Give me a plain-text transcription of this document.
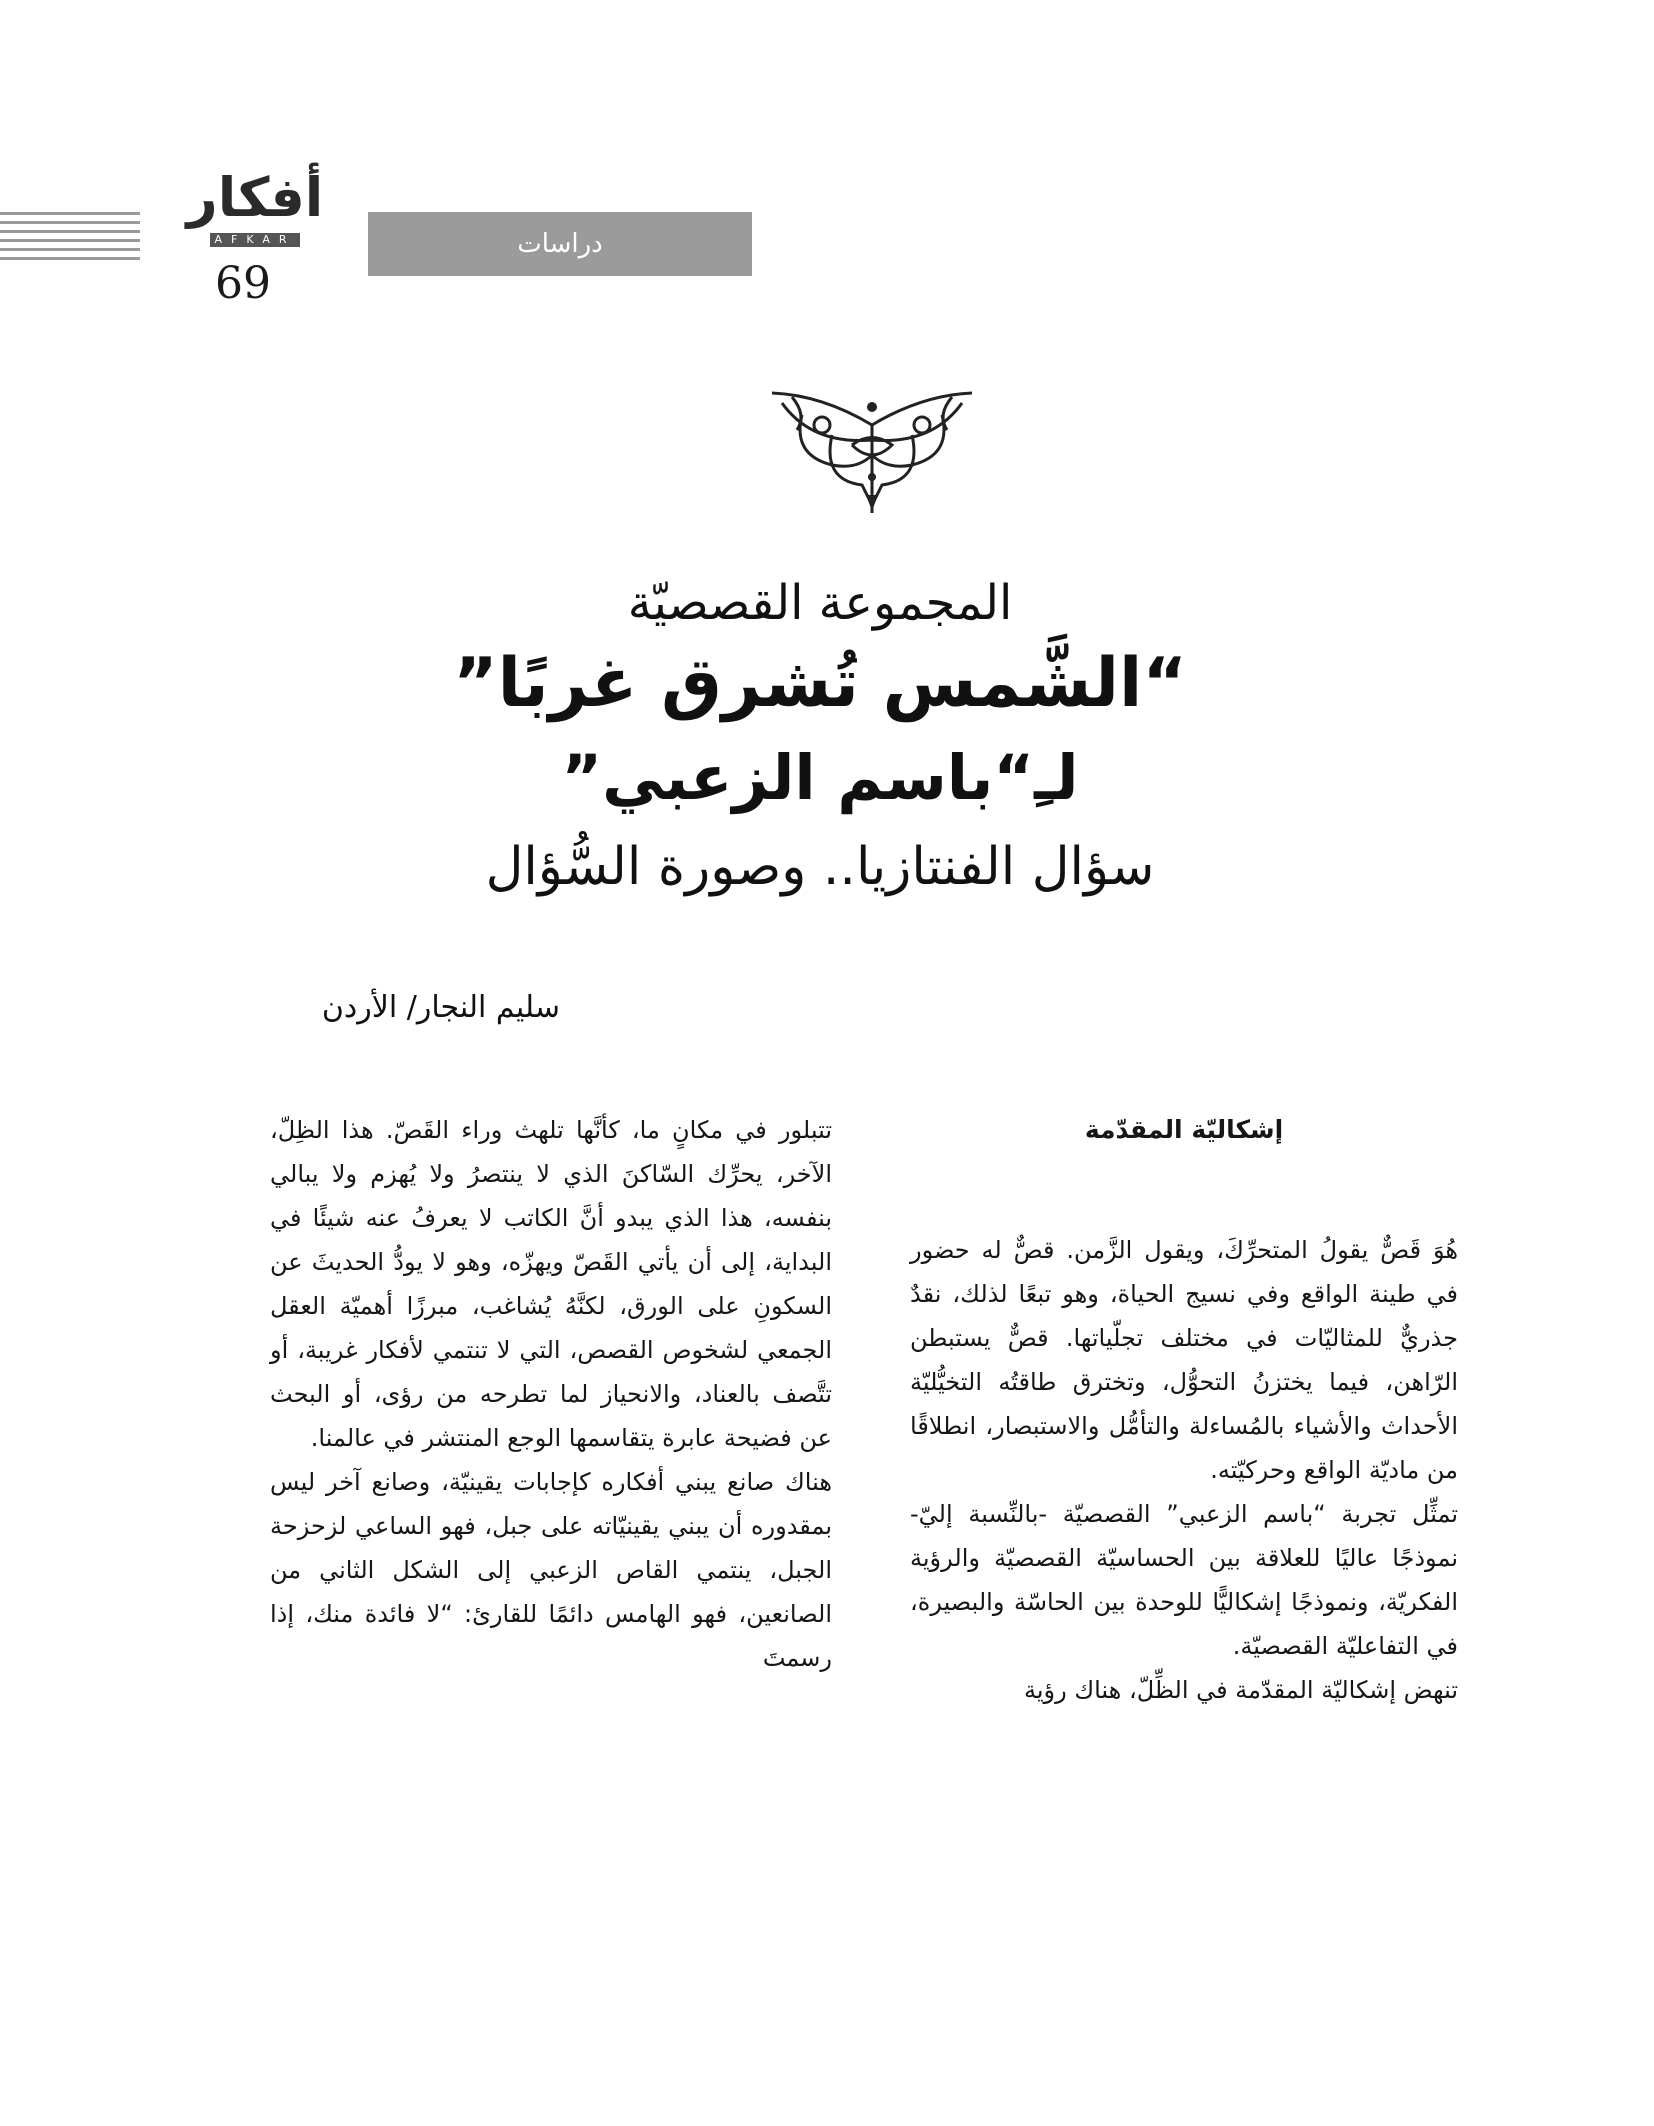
أفكار
AFKAR
69
دراسات

المجموعة القصصيّة

“الشَّمس تُشرق غربًا”

لـِ“باسم الزعبي”

سؤال الفنتازيا.. وصورة السُّؤال

سليم النجار/ الأردن

إشكاليّة المقدّمة

هُوَ قَصٌّ يقولُ المتحرِّكَ، ويقول الزَّمن. قصٌّ له حضور في طينة الواقع وفي نسيج الحياة، وهو تبعًا لذلك، نقدٌ جذريٌّ للمثاليّات في مختلف تجلّياتها. قصٌّ يستبطن الرّاهن، فيما يختزنُ التحوُّل، وتخترق طاقتُه التخيُّليّة الأحداث والأشياء بالمُساءلة والتأمُّل والاستبصار، انطلاقًا من ماديّة الواقع وحركيّته.

تمثِّل تجربة “باسم الزعبي” القصصيّة -بالنِّسبة إليّ- نموذجًا عاليًا للعلاقة بين الحساسيّة القصصيّة والرؤية الفكريّة، ونموذجًا إشكاليًّا للوحدة بين الحاسّة والبصيرة، في التفاعليّة القصصيّة.

تنهض إشكاليّة المقدّمة في الظِّلّ، هناك رؤية

تتبلور في مكانٍ ما، كأنَّها تلهث وراء القَصّ. هذا الظِلّ، الآخر، يحرِّك السّاكنَ الذي لا ينتصرُ ولا يُهزم ولا يبالي بنفسه، هذا الذي يبدو أنَّ الكاتب لا يعرفُ عنه شيئًا في البداية، إلى أن يأتي القَصّ ويهزّه، وهو لا يودُّ الحديثَ عن السكونِ على الورق، لكنَّهُ يُشاغب، مبرزًا أهميّة العقل الجمعي لشخوص القصص، التي لا تنتمي لأفكار غريبة، أو تتَّصف بالعناد، والانحياز لما تطرحه من رؤى، أو البحث عن فضيحة عابرة يتقاسمها الوجع المنتشر في عالمنا.

هناك صانع يبني أفكاره كإجابات يقينيّة، وصانع آخر ليس بمقدوره أن يبني يقينيّاته على جبل، فهو الساعي لزحزحة الجبل، ينتمي القاص الزعبي إلى الشكل الثاني من الصانعين، فهو الهامس دائمًا للقارئ: “لا فائدة منك، إذا رسمتَ
